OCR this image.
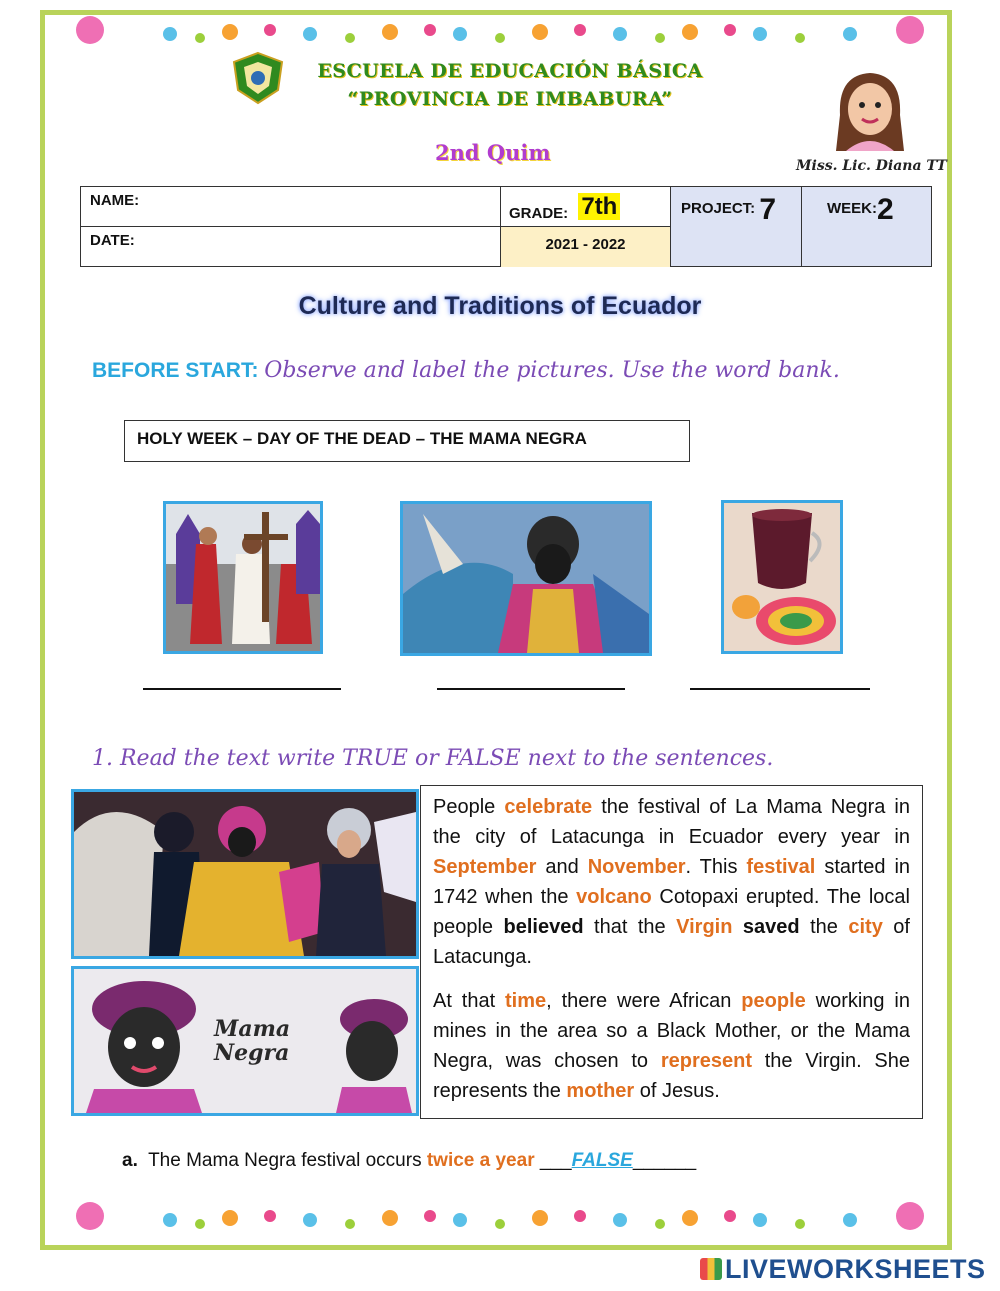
ESCUELA DE EDUCACIÓN BÁSICA
“PROVINCIA DE IMBABURA”
2nd Quim
Miss. Lic. Diana TT
NAME:
DATE:
GRADE: 7th
2021 - 2022
PROJECT: 7	WEEK:2
Culture and Traditions of Ecuador
BEFORE START: Observe and label the pictures. Use the word bank.
HOLY WEEK – DAY OF THE DEAD – THE MAMA NEGRA
1. Read the text write TRUE or FALSE next to the sentences.
Mama Negra
People celebrate the festival of La Mama Negra in the city of Latacunga in Ecuador every year in September and November. This festival started in 1742 when the volcano Cotopaxi erupted. The local people believed that the Virgin saved the city of Latacunga.
At that time, there were African people working in mines in the area so a Black Mother, or the Mama Negra, was chosen to represent the Virgin. She represents the mother of Jesus.
a. The Mama Negra festival occurs twice a year ___FALSE______
LIVEWORKSHEETS
